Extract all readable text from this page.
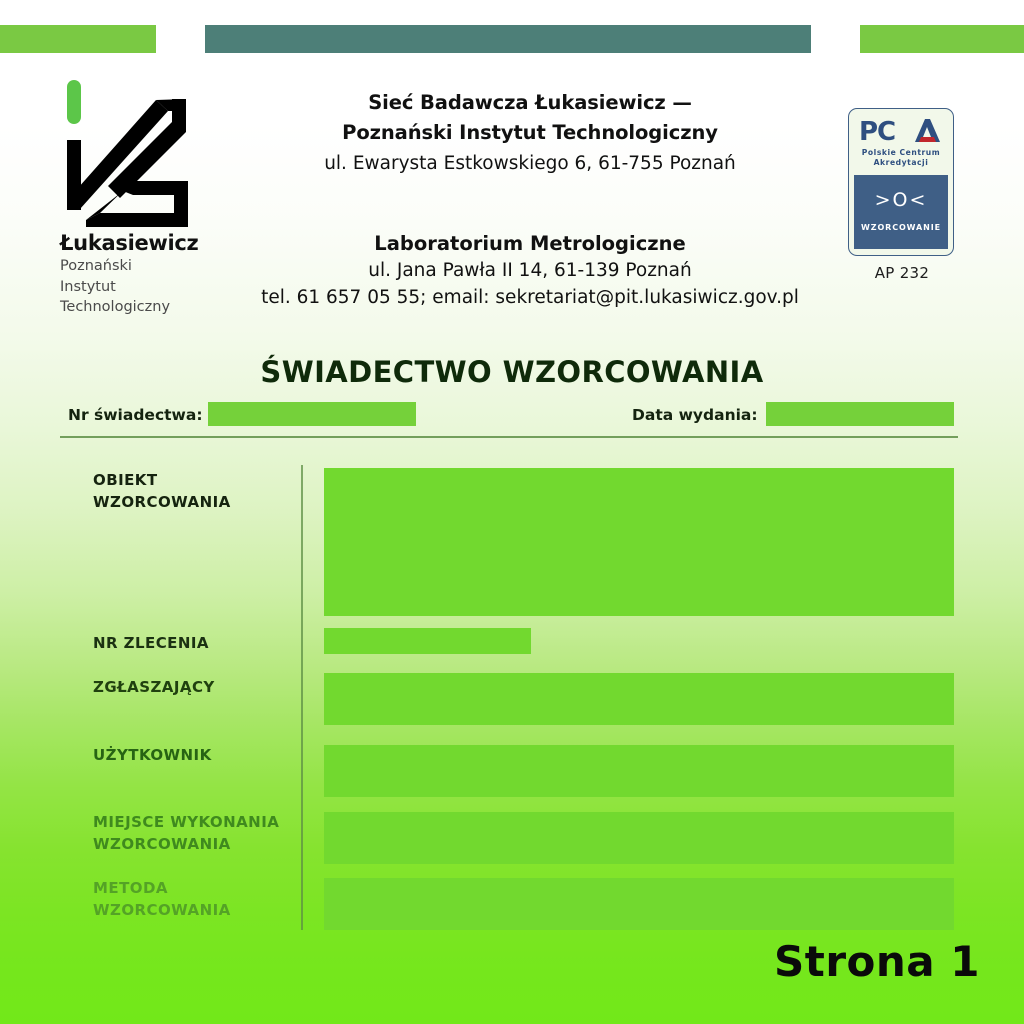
Łukasiewicz
Poznański
Instytut
Technologiczny
Sieć Badawcza Łukasiewicz —
Poznański Instytut Technologiczny
ul. Ewarysta Estkowskiego 6, 61-755 Poznań
Laboratorium Metrologiczne
ul. Jana Pawła II 14, 61-139 Poznań
tel. 61 657 05 55; email: sekretariat@pit.lukasiwicz.gov.pl
PC
Polskie Centrum
Akredytacji
>O<
WZORCOWANIE
AP 232
ŚWIADECTWO WZORCOWANIA
Nr świadectwa:	Data wydania:
OBIEKT
WZORCOWANIA
NR ZLECENIA
ZGŁASZAJĄCY
UŻYTKOWNIK
MIEJSCE WYKONANIA
WZORCOWANIA
METODA
WZORCOWANIA
Strona 1
